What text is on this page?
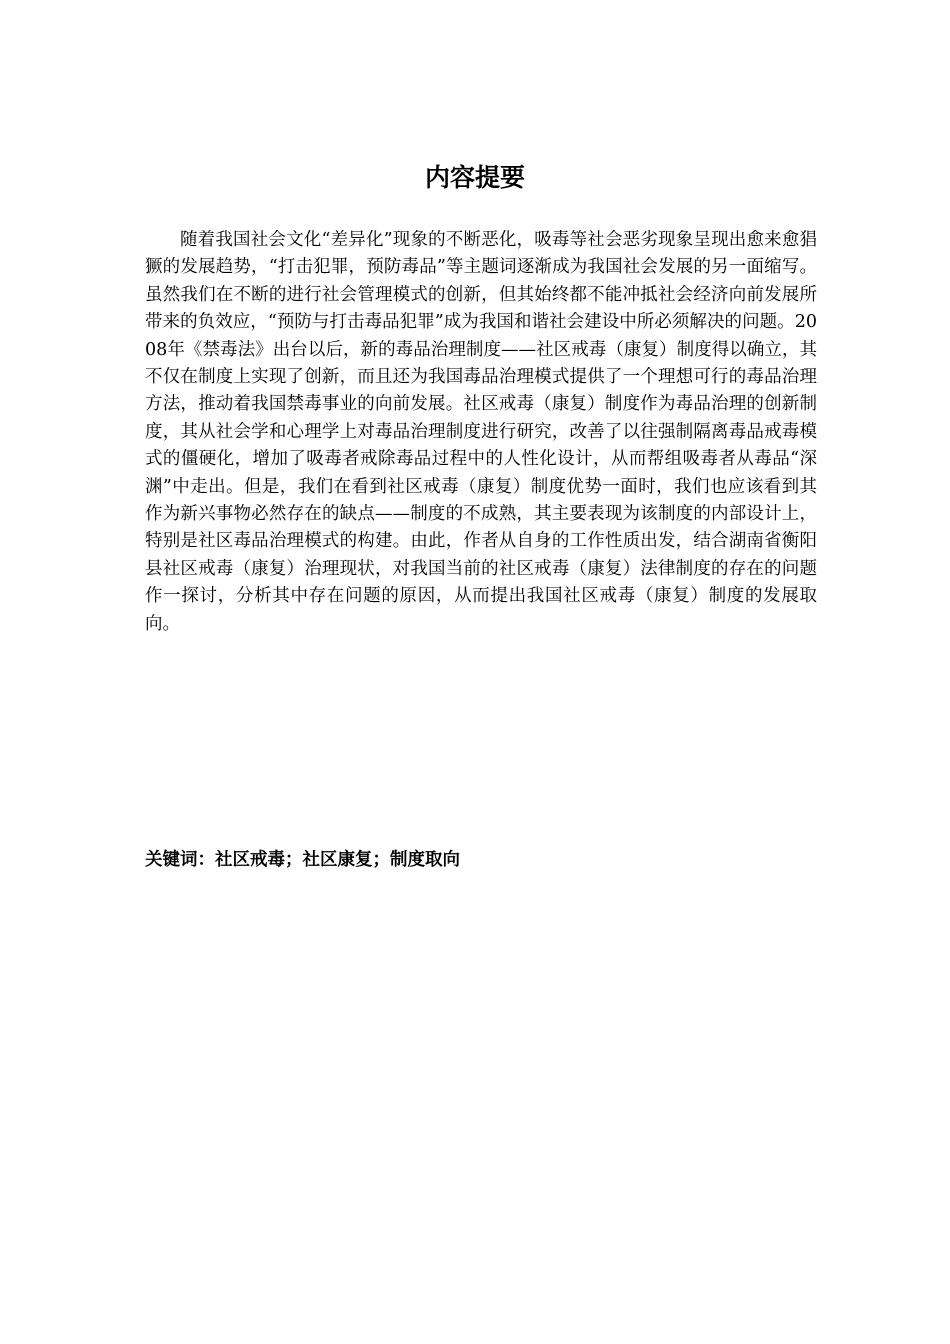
内容提要

随着我国社会文化“差异化”现象的不断恶化，吸毒等社会恶劣现象呈现出愈来愈猖獗的发展趋势，“打击犯罪，预防毒品”等主题词逐渐成为我国社会发展的另一面缩写。虽然我们在不断的进行社会管理模式的创新，但其始终都不能冲抵社会经济向前发展所带来的负效应，“预防与打击毒品犯罪”成为我国和谐社会建设中所必须解决的问题。2008年《禁毒法》出台以后，新的毒品治理制度——社区戒毒（康复）制度得以确立，其不仅在制度上实现了创新，而且还为我国毒品治理模式提供了一个理想可行的毒品治理方法，推动着我国禁毒事业的向前发展。社区戒毒（康复）制度作为毒品治理的创新制度，其从社会学和心理学上对毒品治理制度进行研究，改善了以往强制隔离毒品戒毒模式的僵硬化，增加了吸毒者戒除毒品过程中的人性化设计，从而帮组吸毒者从毒品“深渊”中走出。但是，我们在看到社区戒毒（康复）制度优势一面时，我们也应该看到其作为新兴事物必然存在的缺点——制度的不成熟，其主要表现为该制度的内部设计上，特别是社区毒品治理模式的构建。由此，作者从自身的工作性质出发，结合湖南省衡阳县社区戒毒（康复）治理现状，对我国当前的社区戒毒（康复）法律制度的存在的问题作一探讨，分析其中存在问题的原因，从而提出我国社区戒毒（康复）制度的发展取向。

关键词：社区戒毒；社区康复；制度取向
